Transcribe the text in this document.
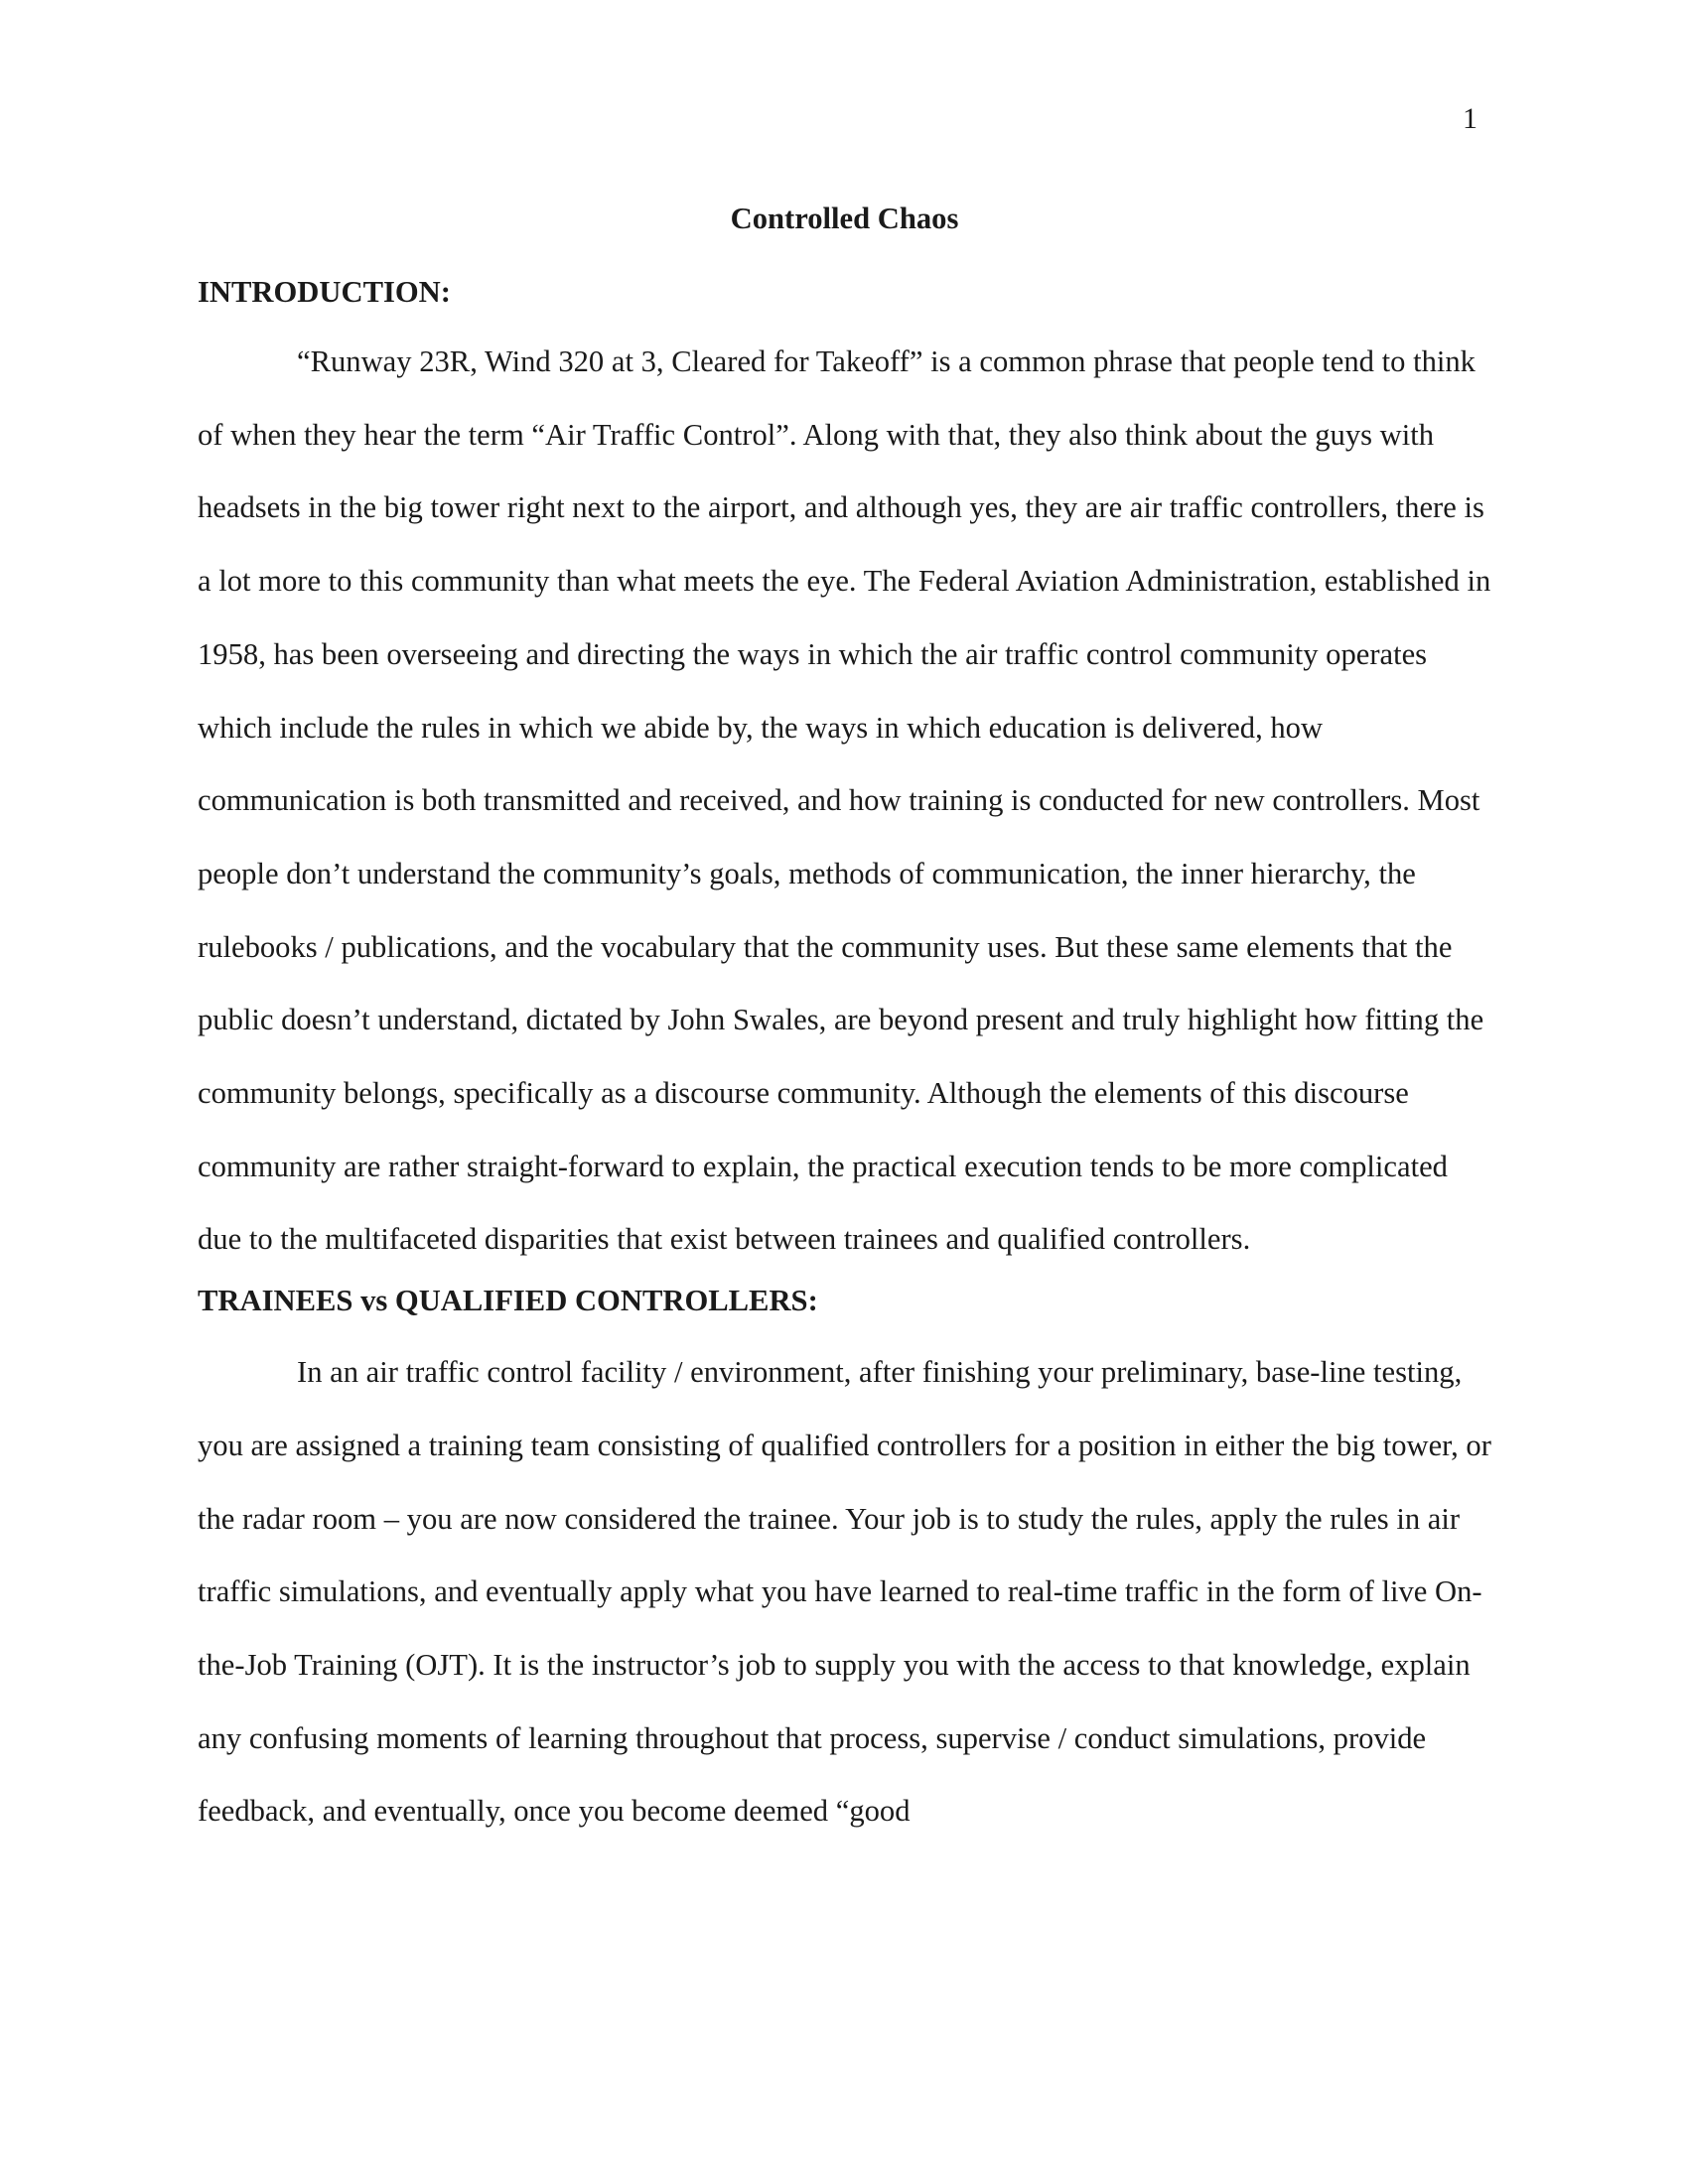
1
Controlled Chaos
INTRODUCTION:

“Runway 23R, Wind 320 at 3, Cleared for Takeoff” is a common phrase that people tend to think of when they hear the term “Air Traffic Control”. Along with that, they also think about the guys with headsets in the big tower right next to the airport, and although yes, they are air traffic controllers, there is a lot more to this community than what meets the eye. The Federal Aviation Administration, established in 1958, has been overseeing and directing the ways in which the air traffic control community operates which include the rules in which we abide by, the ways in which education is delivered, how communication is both transmitted and received, and how training is conducted for new controllers. Most people don’t understand the community’s goals, methods of communication, the inner hierarchy, the rulebooks / publications, and the vocabulary that the community uses. But these same elements that the public doesn’t understand, dictated by John Swales, are beyond present and truly highlight how fitting the community belongs, specifically as a discourse community. Although the elements of this discourse community are rather straight-forward to explain, the practical execution tends to be more complicated due to the multifaceted disparities that exist between trainees and qualified controllers.

TRAINEES vs QUALIFIED CONTROLLERS:

In an air traffic control facility / environment, after finishing your preliminary, base-line testing, you are assigned a training team consisting of qualified controllers for a position in either the big tower, or the radar room – you are now considered the trainee. Your job is to study the rules, apply the rules in air traffic simulations, and eventually apply what you have learned to real-time traffic in the form of live On-the-Job Training (OJT). It is the instructor’s job to supply you with the access to that knowledge, explain any confusing moments of learning throughout that process, supervise / conduct simulations, provide feedback, and eventually, once you become deemed “good
